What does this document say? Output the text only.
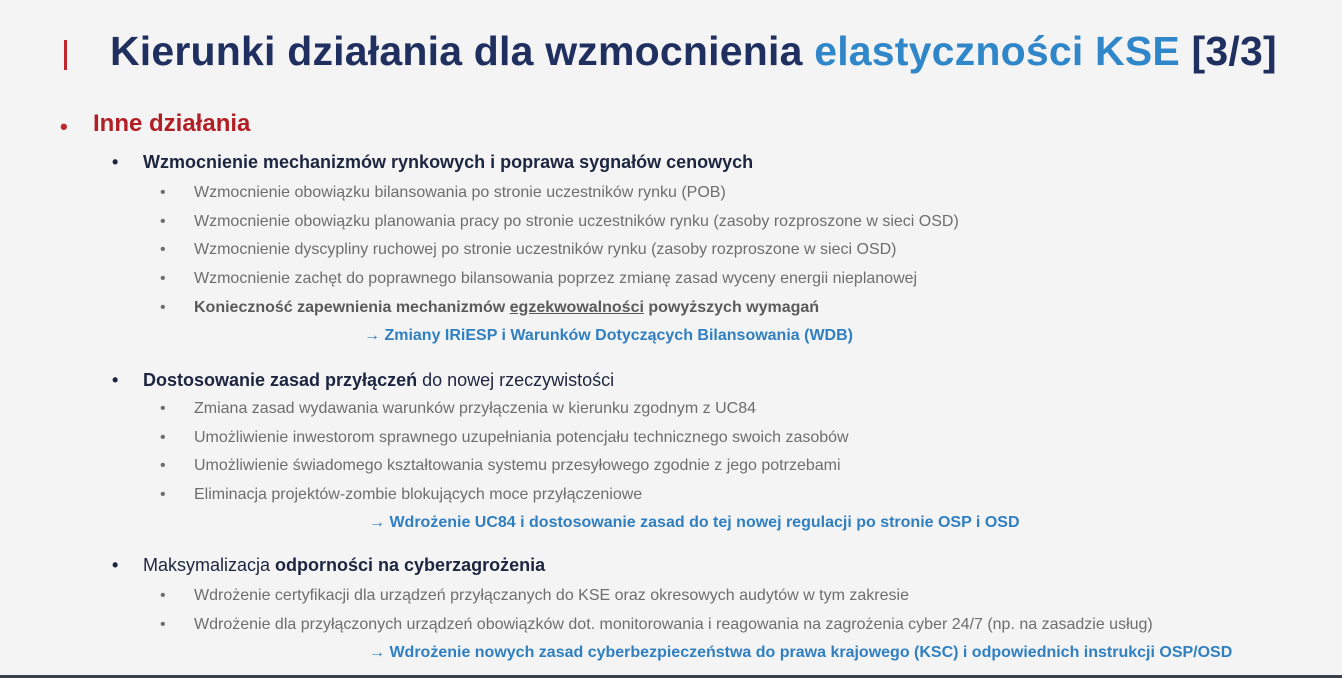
Kierunki działania dla wzmocnienia elastyczności KSE [3/3]
• Inne działania
• Wzmocnienie mechanizmów rynkowych i poprawa sygnałów cenowych
• Wzmocnienie obowiązku bilansowania po stronie uczestników rynku (POB)
• Wzmocnienie obowiązku planowania pracy po stronie uczestników rynku (zasoby rozproszone w sieci OSD)
• Wzmocnienie dyscypliny ruchowej po stronie uczestników rynku (zasoby rozproszone w sieci OSD)
• Wzmocnienie zachęt do poprawnego bilansowania poprzez zmianę zasad wyceny energii nieplanowej
• Konieczność zapewnienia mechanizmów egzekwowalności powyższych wymagań
→ Zmiany IRiESP i Warunków Dotyczących Bilansowania (WDB)
• Dostosowanie zasad przyłączeń do nowej rzeczywistości
• Zmiana zasad wydawania warunków przyłączenia w kierunku zgodnym z UC84
• Umożliwienie inwestorom sprawnego uzupełniania potencjału technicznego swoich zasobów
• Umożliwienie świadomego kształtowania systemu przesyłowego zgodnie z jego potrzebami
• Eliminacja projektów-zombie blokujących moce przyłączeniowe
→ Wdrożenie UC84 i dostosowanie zasad do tej nowej regulacji po stronie OSP i OSD
• Maksymalizacja odporności na cyberzagrożenia
• Wdrożenie certyfikacji dla urządzeń przyłączanych do KSE oraz okresowych audytów w tym zakresie
• Wdrożenie dla przyłączonych urządzeń obowiązków dot. monitorowania i reagowania na zagrożenia cyber 24/7 (np. na zasadzie usług)
→ Wdrożenie nowych zasad cyberbezpieczeństwa do prawa krajowego (KSC) i odpowiednich instrukcji OSP/OSD
